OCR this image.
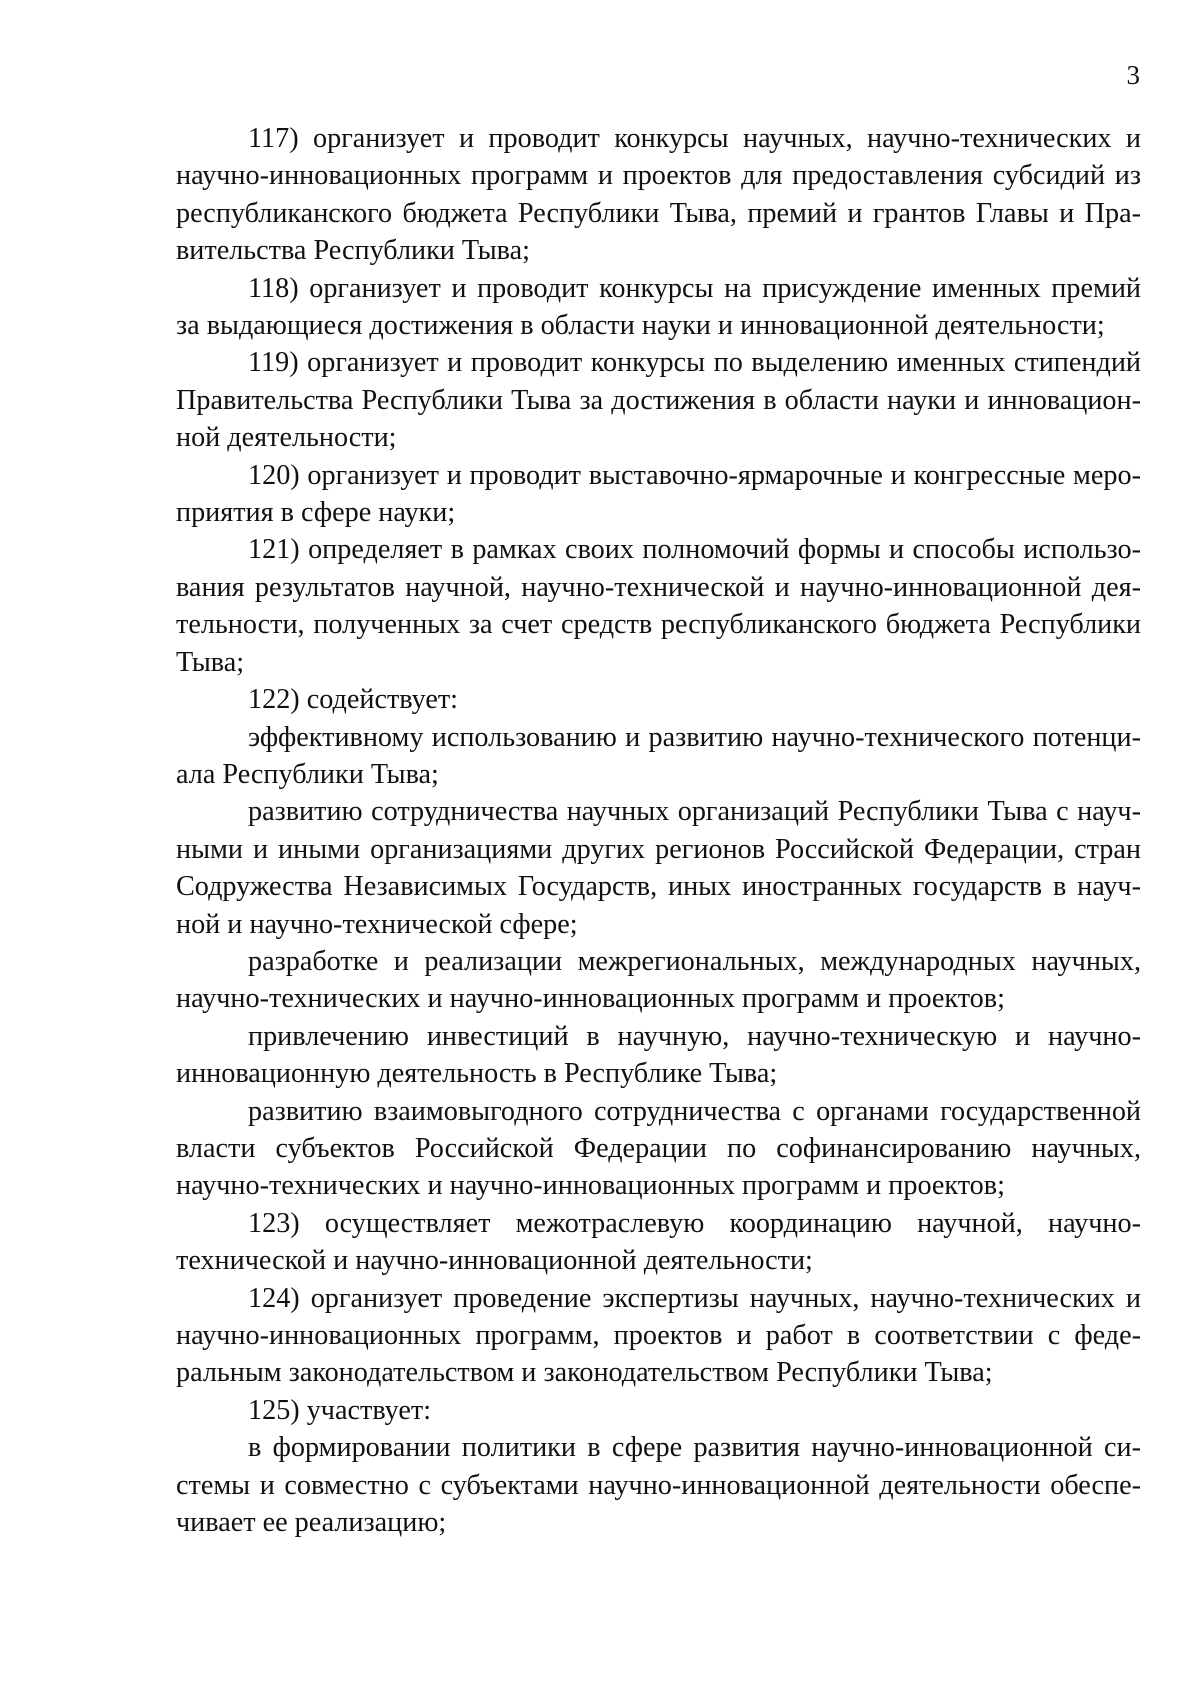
3
117) организует и проводит конкурсы научных, научно-технических и
научно-инновационных программ и проектов для предоставления субсидий из
республиканского бюджета Республики Тыва, премий и грантов Главы и Пра-
вительства Республики Тыва;
118) организует и проводит конкурсы на присуждение именных премий
за выдающиеся достижения в области науки и инновационной деятельности;
119) организует и проводит конкурсы по выделению именных стипендий
Правительства Республики Тыва за достижения в области науки и инновацион-
ной деятельности;
120) организует и проводит выставочно-ярмарочные и конгрессные меро-
приятия в сфере науки;
121) определяет в рамках своих полномочий формы и способы использо-
вания результатов научной, научно-технической и научно-инновационной дея-
тельности, полученных за счет средств республиканского бюджета Республики
Тыва;
122) содействует:
эффективному использованию и развитию научно-технического потенци-
ала Республики Тыва;
развитию сотрудничества научных организаций Республики Тыва с науч-
ными и иными организациями других регионов Российской Федерации, стран
Содружества Независимых Государств, иных иностранных государств в науч-
ной и научно-технической сфере;
разработке и реализации межрегиональных, международных научных,
научно-технических и научно-инновационных программ и проектов;
привлечению инвестиций в научную, научно-техническую и научно-
инновационную деятельность в Республике Тыва;
развитию взаимовыгодного сотрудничества с органами государственной
власти субъектов Российской Федерации по софинансированию научных,
научно-технических и научно-инновационных программ и проектов;
123) осуществляет межотраслевую координацию научной, научно-
технической и научно-инновационной деятельности;
124) организует проведение экспертизы научных, научно-технических и
научно-инновационных программ, проектов и работ в соответствии с феде-
ральным законодательством и законодательством Республики Тыва;
125) участвует:
в формировании политики в сфере развития научно-инновационной си-
стемы и совместно с субъектами научно-инновационной деятельности обеспе-
чивает ее реализацию;
